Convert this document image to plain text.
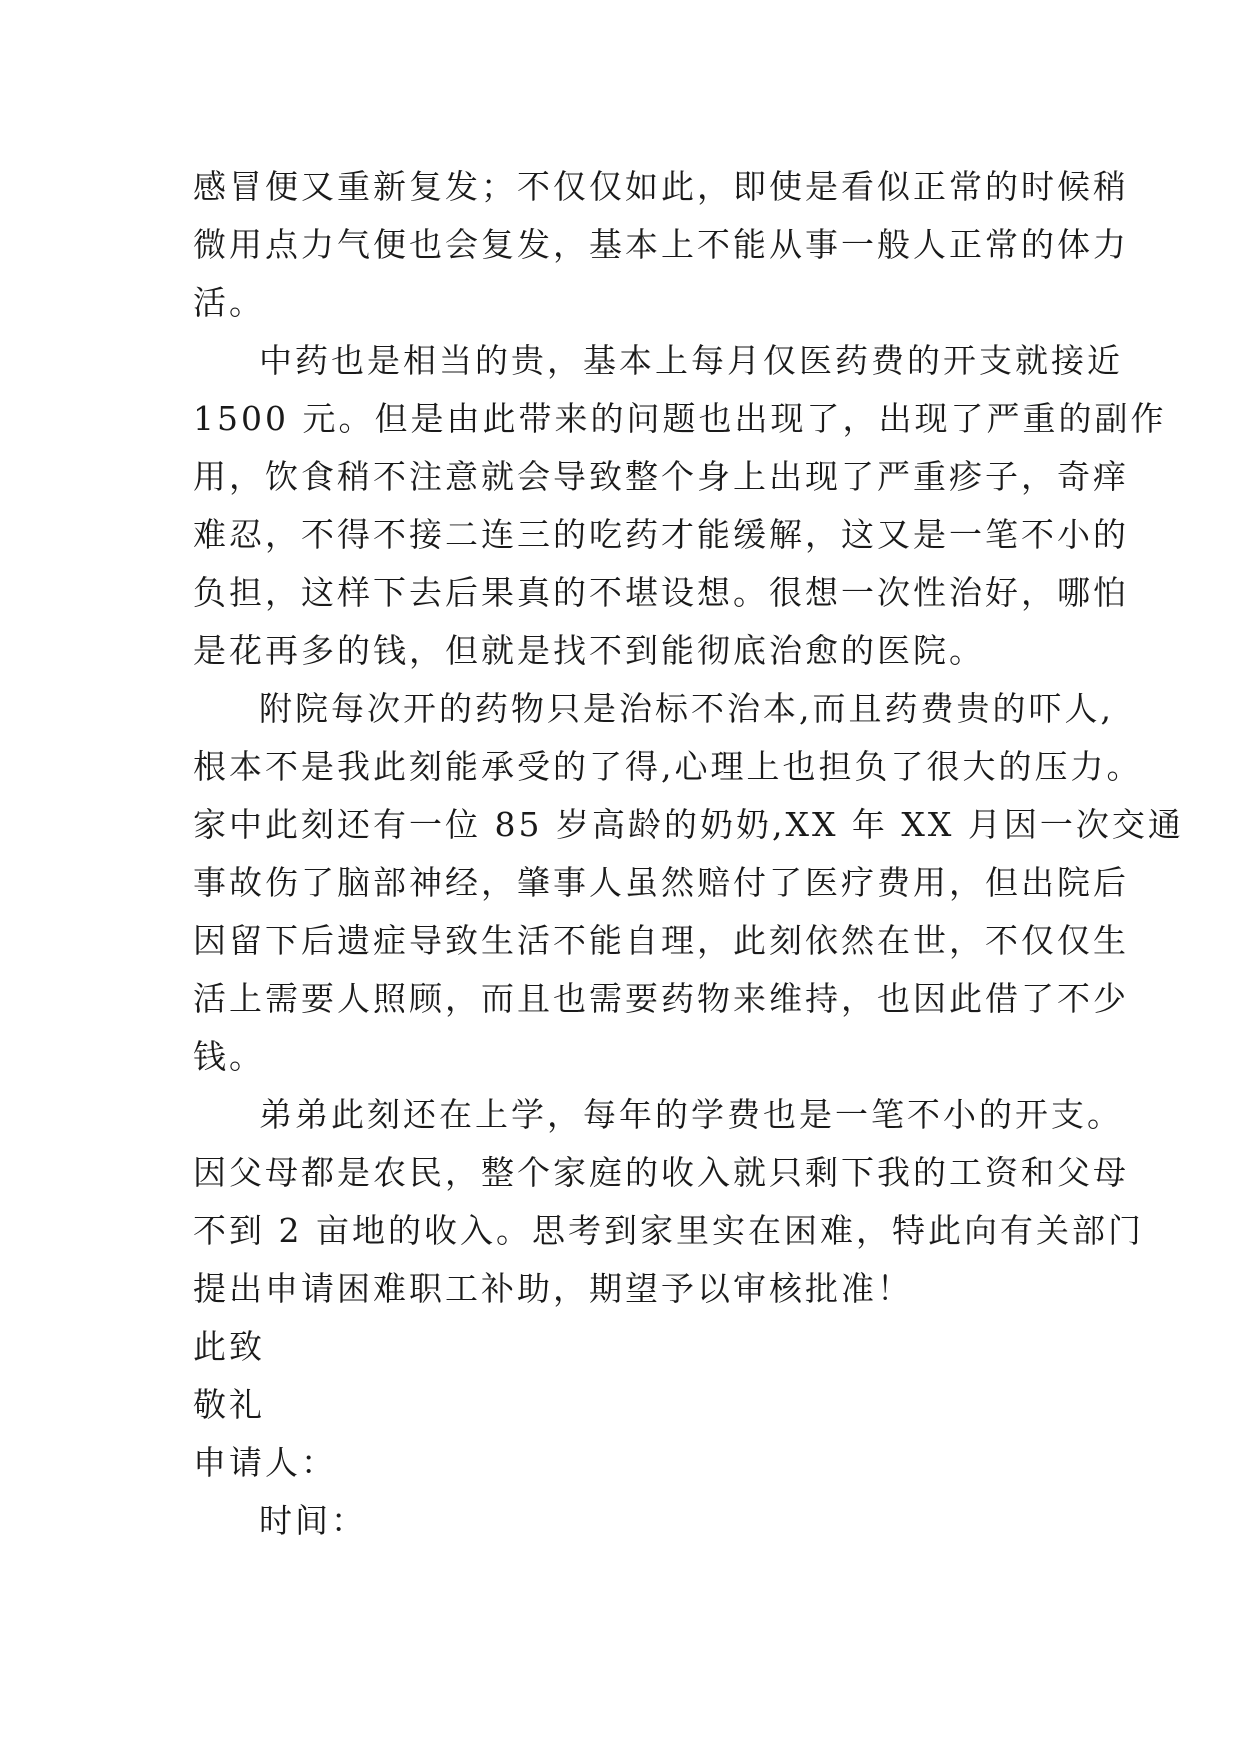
感冒便又重新复发；不仅仅如此，即使是看似正常的时候稍
微用点力气便也会复发，基本上不能从事一般人正常的体力
活。
中药也是相当的贵，基本上每月仅医药费的开支就接近
1500 元。但是由此带来的问题也出现了，出现了严重的副作
用，饮食稍不注意就会导致整个身上出现了严重疹子，奇痒
难忍，不得不接二连三的吃药才能缓解，这又是一笔不小的
负担，这样下去后果真的不堪设想。很想一次性治好，哪怕
是花再多的钱，但就是找不到能彻底治愈的医院。
附院每次开的药物只是治标不治本,而且药费贵的吓人,
根本不是我此刻能承受的了得,心理上也担负了很大的压力。
家中此刻还有一位 85 岁高龄的奶奶,XX 年 XX 月因一次交通
事故伤了脑部神经，肇事人虽然赔付了医疗费用，但出院后
因留下后遗症导致生活不能自理，此刻依然在世，不仅仅生
活上需要人照顾，而且也需要药物来维持，也因此借了不少
钱。
弟弟此刻还在上学，每年的学费也是一笔不小的开支。
因父母都是农民，整个家庭的收入就只剩下我的工资和父母
不到 2 亩地的收入。思考到家里实在困难，特此向有关部门
提出申请困难职工补助，期望予以审核批准！
此致
敬礼
申请人：
时间：
